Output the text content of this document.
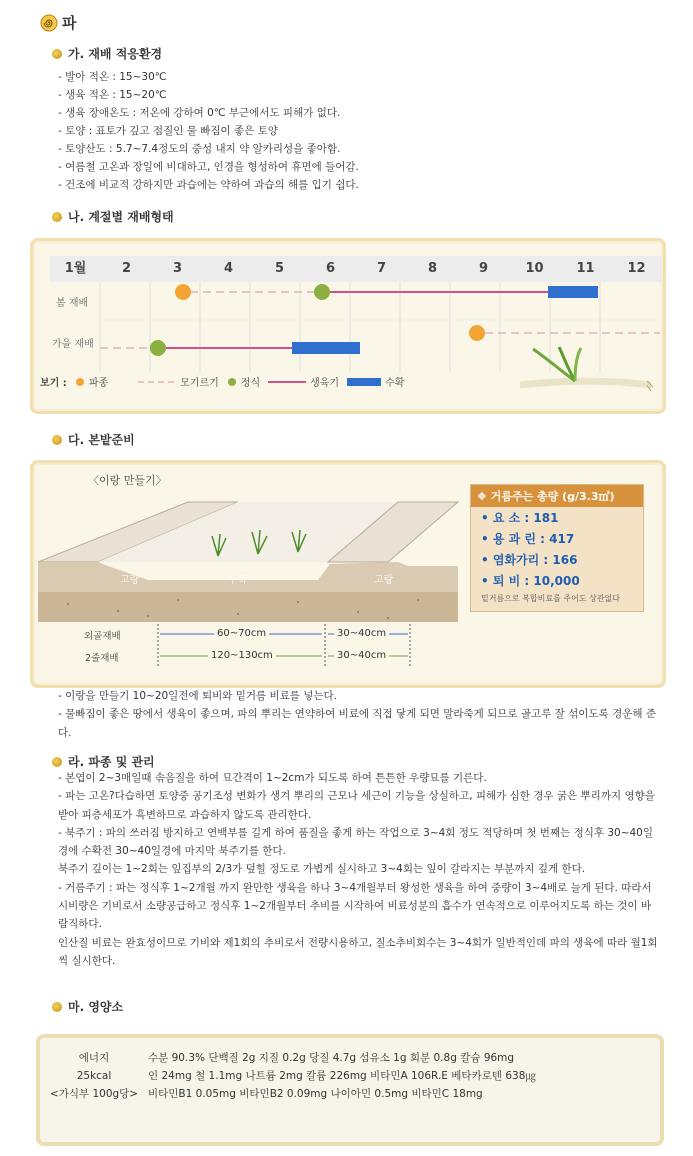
파
가. 재배 적응환경
- 발아 적온 : 15~30℃
- 생육 적온 : 15~20℃
- 생육 장애온도 : 저온에 강하여 0℃ 부근에서도 피해가 없다.
- 토양 : 표토가 깊고 점질인 물 빠짐이 좋은 토양
- 토양산도 : 5.7~7.4정도의 중성 내지 약 알카리성을 좋아함.
- 여름철 고온과 장일에 비대하고, 인경을 형성하여 휴면에 들어감.
- 건조에 비교적 강하지만 과습에는 약하여 과습의 해를 입기 쉽다.
나. 계절별 재배형태
1월	2	3	4	5	6	7	8	9	10	11	12
봄 재배
가을 재배
보기 : 파종	모기르기 정식	생육기	수확
다. 본밭준비
〈이랑 만들기〉
고랑	두둑	고랑
❖ 거름주는 총량 (g/3.3㎡)
• 요 소 : 181
• 용 과 린 : 417
• 염화가리 : 166
• 퇴 비 : 10,000
밑거름으로 복합비료를 주어도 상관없다
외골재배
2줄재배
60~70cm	30~40cm
120~130cm	30~40cm
- 이랑을 만들기 10~20일전에 퇴비와 밑거름 비료를 넣는다.
- 물빠짐이 좋은 땅에서 생육이 좋으며, 파의 뿌리는 연약하여 비료에 직접 닿게 되면 말라죽게 되므로 골고루 잘 섞이도록 경운해 준다.
라. 파종 및 관리
- 본엽이 2~3매일때 솎음질을 하여 묘간격이 1~2cm가 되도록 하여 튼튼한 우량묘를 기른다.
- 파는 고온?다습하면 토양중 공기조성 변화가 생겨 뿌리의 근모나 세근이 기능을 상실하고, 피해가 심한 경우 굵은 뿌리까지 영향을 받아 피층세포가 흑변하므로 과습하지 않도록 관리한다.
- 북주기 : 파의 쓰러짐 방지하고 연백부를 길게 하여 품질을 좋게 하는 작업으로 3~4회 정도 적당하며 첫 번째는 정식후 30~40일경에 수확전 30~40일경에 마지막 북주기를 한다.
북주기 깊이는 1~2회는 잎집부의 2/3가 덮힐 정도로 가볍게 실시하고 3~4회는 잎이 갈라지는 부분까지 깊게 한다.
- 거름주기 : 파는 정식후 1~2개월 까지 완만한 생육을 하나 3~4개월부터 왕성한 생육을 하여 중량이 3~4배로 늘게 된다. 따라서 시비량은 기비로서 소량공급하고 정식후 1~2개월부터 추비를 시작하여 비료성분의 흡수가 연속적으로 이루어지도록 하는 것이 바람직하다.
인산질 비료는 완효성이므로 기비와 제1회의 추비로서 전량시용하고, 질소추비회수는 3~4회가 일반적인데 파의 생육에 따라 월1회씩 실시한다.
마. 영양소
에너지	수분 90.3% 단백질 2g 지질 0.2g 당질 4.7g 섬유소 1g 회분 0.8g 칼슘 96mg
25kcal	인 24mg 철 1.1mg 나트륨 2mg 칼륨 226mg 비타민A 106R.E 베타카로텐 638㎍
<가식부 100g당> 비타민B1 0.05mg 비타민B2 0.09mg 나이아민 0.5mg 비타민C 18mg
